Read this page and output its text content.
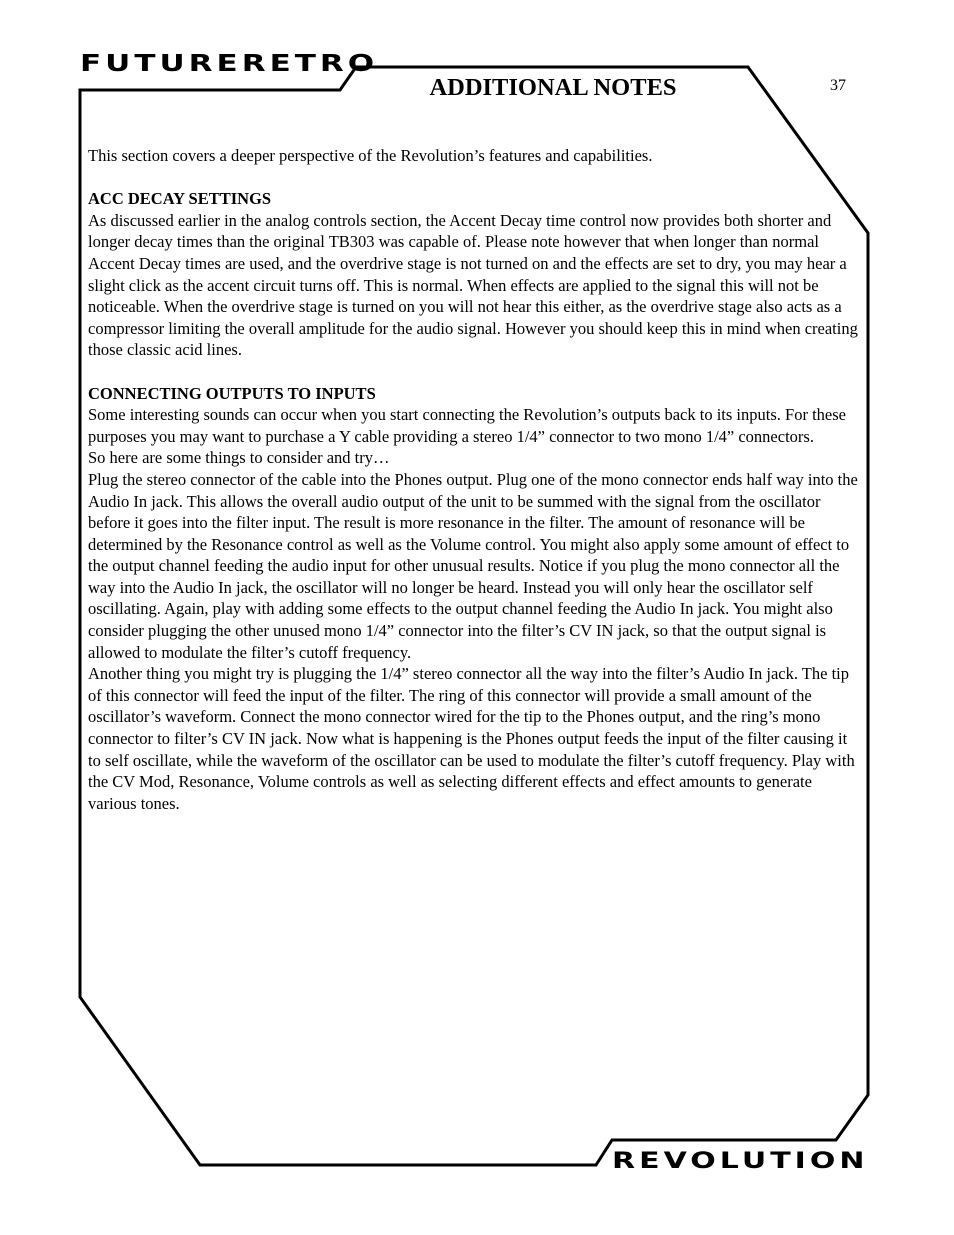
FUTURERETRO
ADDITIONAL NOTES	37

This section covers a deeper perspective of the Revolution’s features and capabilities.

ACC DECAY SETTINGS

As discussed earlier in the analog controls section, the Accent Decay time control now provides both shorter and longer decay times than the original TB303 was capable of. Please note however that when longer than normal Accent Decay times are used, and the overdrive stage is not turned on and the effects are set to dry, you may hear a slight click as the accent circuit turns off. This is normal. When effects are applied to the signal this will not be noticeable. When the overdrive stage is turned on you will not hear this either, as the overdrive stage also acts as a compressor limiting the overall amplitude for the audio signal. However you should keep this in mind when creating those classic acid lines.

CONNECTING OUTPUTS TO INPUTS

Some interesting sounds can occur when you start connecting the Revolution’s outputs back to its inputs. For these purposes you may want to purchase a Y cable providing a stereo 1/4” connector to two mono 1/4” connectors.

So here are some things to consider and try…

Plug the stereo connector of the cable into the Phones output. Plug one of the mono connector ends half way into the Audio In jack. This allows the overall audio output of the unit to be summed with the signal from the oscillator before it goes into the filter input. The result is more resonance in the filter. The amount of resonance will be determined by the Resonance control as well as the Volume control. You might also apply some amount of effect to the output channel feeding the audio input for other unusual results. Notice if you plug the mono connector all the way into the Audio In jack, the oscillator will no longer be heard. Instead you will only hear the oscillator self oscillating. Again, play with adding some effects to the output channel feeding the Audio In jack. You might also consider plugging the other unused mono 1/4” connector into the filter’s CV IN jack, so that the output signal is allowed to modulate the filter’s cutoff frequency.

Another thing you might try is plugging the 1/4” stereo connector all the way into the filter’s Audio In jack. The tip of this connector will feed the input of the filter. The ring of this connector will provide a small amount of the oscillator’s waveform. Connect the mono connector wired for the tip to the Phones output, and the ring’s mono connector to filter’s CV IN jack. Now what is happening is the Phones output feeds the input of the filter causing it to self oscillate, while the waveform of the oscillator can be used to modulate the filter’s cutoff frequency. Play with the CV Mod, Resonance, Volume controls as well as selecting different effects and effect amounts to generate various tones.

REVOLUTION
